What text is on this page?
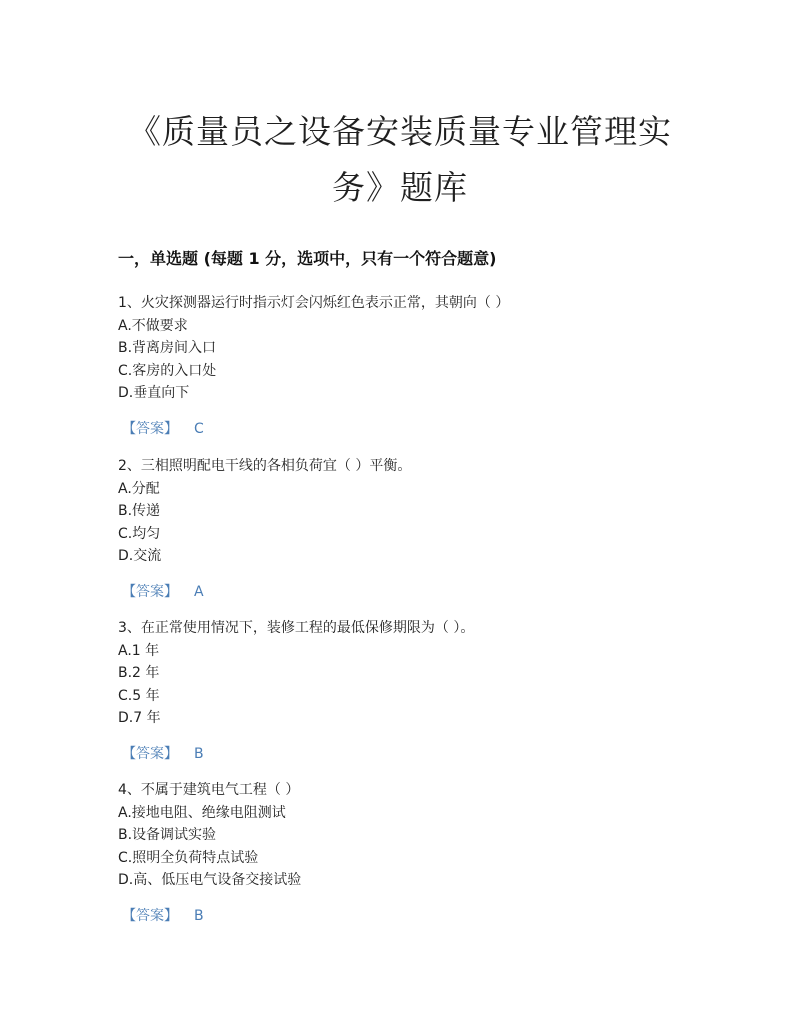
《质量员之设备安装质量专业管理实务》题库
一，单选题 (每题 1 分，选项中，只有一个符合题意)
1、火灾探测器运行时指示灯会闪烁红色表示正常，其朝向（ ）
A.不做要求
B.背离房间入口
C.客房的入口处
D.垂直向下
【答案】 C
2、三相照明配电干线的各相负荷宜（ ）平衡。
A.分配
B.传递
C.均匀
D.交流
【答案】 A
3、在正常使用情况下，装修工程的最低保修期限为（ ）。
A.1 年
B.2 年
C.5 年
D.7 年
【答案】 B
4、不属于建筑电气工程（ ）
A.接地电阻、绝缘电阻测试
B.设备调试实验
C.照明全负荷特点试验
D.高、低压电气设备交接试验
【答案】 B
